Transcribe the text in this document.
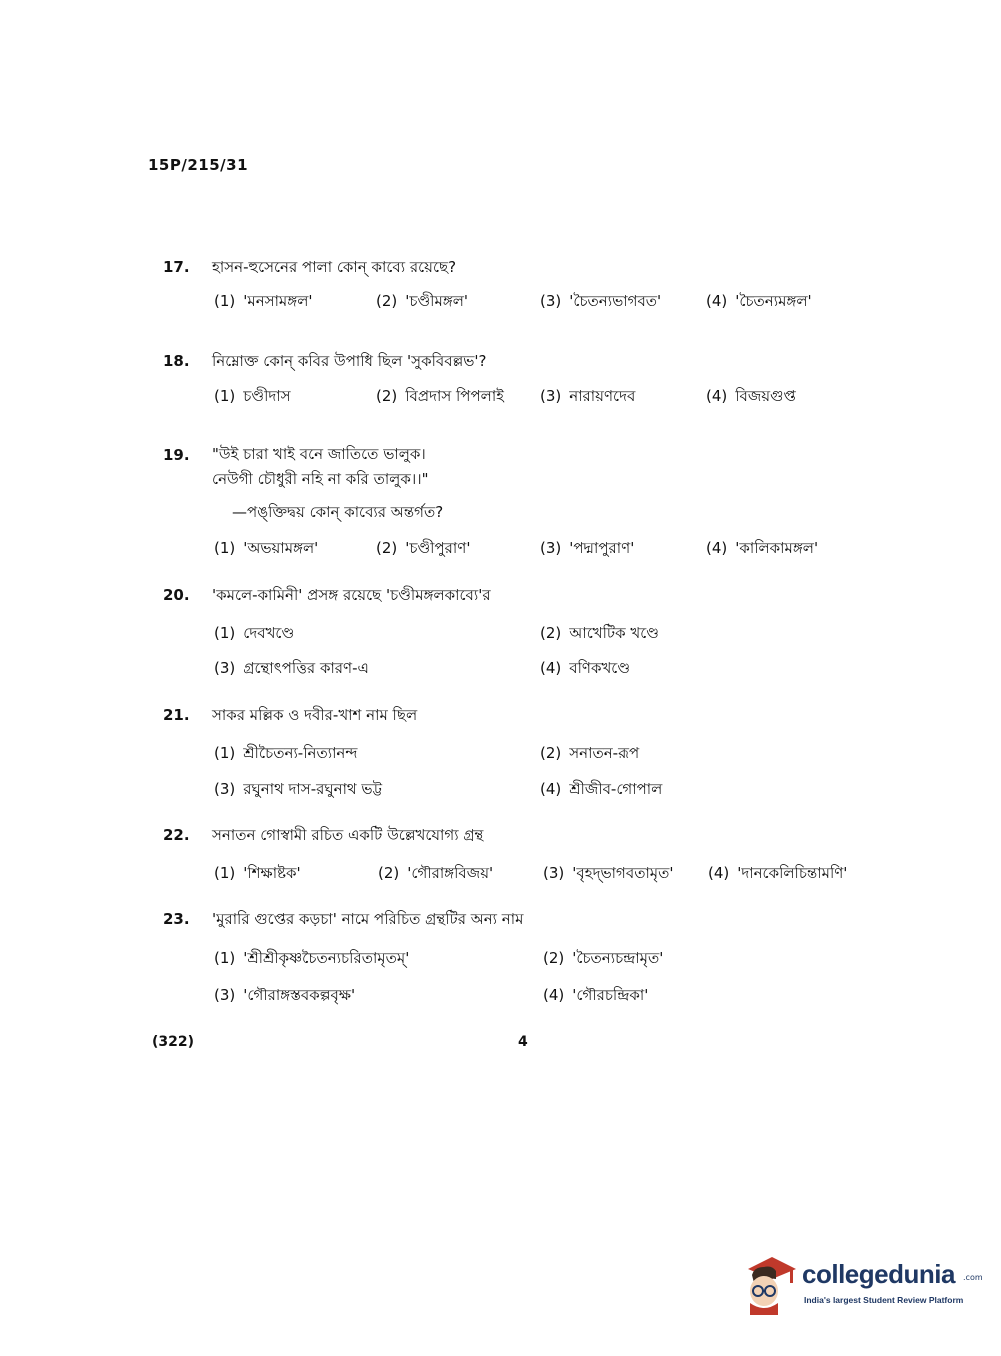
15P/215/31
17. হাসন-হুসেনের পালা কোন্ কাব্যে রয়েছে?
(1) 'মনসামঙ্গল'	(2) 'চণ্ডীমঙ্গল'	(3) 'চৈতন্যভাগবত'	(4) 'চৈতন্যমঙ্গল'
18. নিম্নোক্ত কোন্ কবির উপাধি ছিল 'সুকবিবল্লভ'?
(1) চণ্ডীদাস	(2) বিপ্রদাস পিপলাই (3) নারায়ণদেব	(4) বিজয়গুপ্ত
19. "উই চারা খাই বনে জাতিতে ভালুক।
নেউগী চৌধুরী নহি না করি তালুক।।"
—পঙ্‌ক্তিদ্বয় কোন্ কাব্যের অন্তর্গত?
(1) 'অভয়ামঙ্গল'	(2) 'চণ্ডীপুরাণ'	(3) 'পদ্মাপুরাণ'	(4) 'কালিকামঙ্গল'
20. 'কমলে-কামিনী' প্রসঙ্গ রয়েছে 'চণ্ডীমঙ্গলকাব্যে'র
(1) দেবখণ্ডে	(2) আখেটিক খণ্ডে
(3) গ্রন্থোৎপত্তির কারণ-এ	(4) বণিকখণ্ডে
21. সাকর মল্লিক ও দবীর-খাশ নাম ছিল
(1) শ্রীচৈতন্য-নিত্যানন্দ	(2) সনাতন-রূপ
(3) রঘুনাথ দাস-রঘুনাথ ভট্ট	(4) শ্রীজীব-গোপাল
22. সনাতন গোস্বামী রচিত একটি উল্লেখযোগ্য গ্রন্থ
(1) 'শিক্ষাষ্টক'	(2) 'গৌরাঙ্গবিজয়'	(3) 'বৃহদ্‌ভাগবতামৃত' (4) 'দানকেলিচিন্তামণি'
23. 'মুরারি গুপ্তের কড়চা' নামে পরিচিত গ্রন্থটির অন্য নাম
(1) 'শ্রীশ্রীকৃষ্ণচৈতন্যচরিতামৃতম্'	(2) 'চৈতন্যচন্দ্রামৃত'
(3) 'গৌরাঙ্গস্তবকল্পবৃক্ষ'	(4) 'গৌরচন্দ্রিকা'
(322)	4
collegedunia .com
India's largest Student Review Platform
